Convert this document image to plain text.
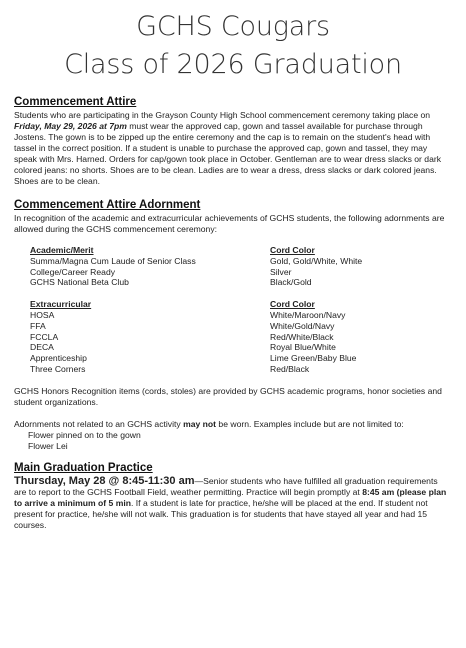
GCHS Cougars
Class of 2026 Graduation
Commencement Attire

Students who are participating in the Grayson County High School commencement ceremony taking place on Friday, May 29, 2026 at 7pm must wear the approved cap, gown and tassel available for purchase through Jostens. The gown is to be zipped up the entire ceremony and the cap is to remain on the student's head with tassel in the correct position. If a student is unable to purchase the approved cap, gown and tassel, they may speak with Mrs. Harned. Orders for cap/gown took place in October. Gentleman are to wear dress slacks or dark colored jeans: no shorts. Shoes are to be clean. Ladies are to wear a dress, dress slacks or dark colored jeans. Shoes are to be clean.

Commencement Attire Adornment

In recognition of the academic and extracurricular achievements of GCHS students, the following adornments are allowed during the GCHS commencement ceremony:

Academic/Merit
Summa/Magna Cum Laude of Senior Class
College/Career Ready
GCHS National Beta Club
Cord Color
Gold, Gold/White, White
Silver
Black/Gold
Extracurricular
HOSA
FFA
FCCLA
DECA
Apprenticeship
Three Corners
Cord Color
White/Maroon/Navy
White/Gold/Navy
Red/White/Black
Royal Blue/White
Lime Green/Baby Blue
Red/Black

GCHS Honors Recognition items (cords, stoles) are provided by GCHS academic programs, honor societies and student organizations.

Adornments not related to an GCHS activity may not be worn. Examples include but are not limited to:

Flower pinned on to the gown
Flower Lei
Main Graduation Practice

Thursday, May 28 @ 8:45-11:30 am—Senior students who have fulfilled all graduation requirements are to report to the GCHS Football Field, weather permitting. Practice will begin promptly at 8:45 am (please plan to arrive a minimum of 5 min. If a student is late for practice, he/she will be placed at the end. If student not present for practice, he/she will not walk. This graduation is for students that have stayed all year and had 15 courses.
